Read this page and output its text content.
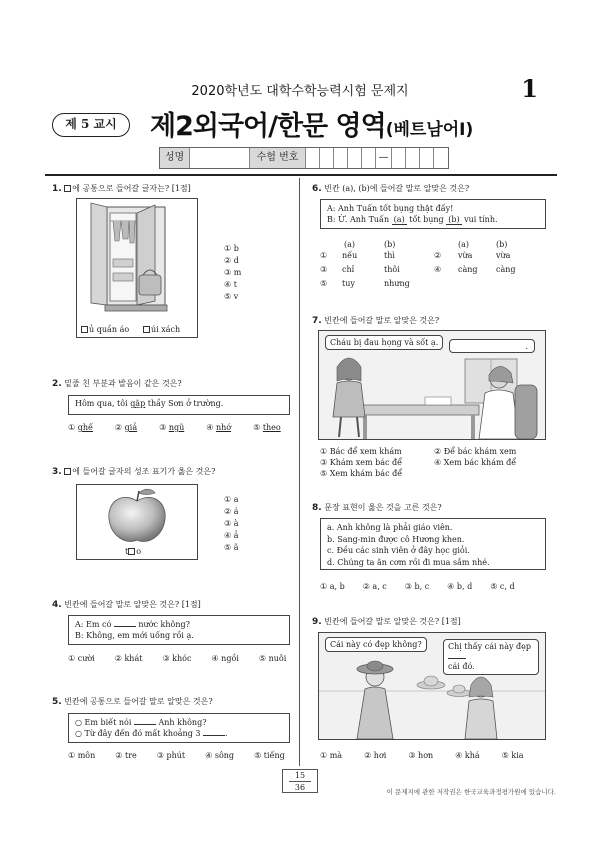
2020학년도 대학수학능력시험 문제지	1
제 5 교시	제2외국어/한문 영역(베트남어Ⅰ)
성명	수험 번호	—
1. 에 공통으로 들어갈 글자는? [1점]
ủ quần áo	úi xách
① b
② d
③ m
④ t
⑤ v
2. 밑줄 친 부분과 발음이 같은 것은?
Hôm qua, tôi gặp thầy Sơn ở trường.
① ghế	② giả	③ ngũ	④ nhớ	⑤ theo
3. 에 들어갈 글자의 성조 표기가 옳은 것은?
t o
① a
② á
③ à
④ ả
⑤ ã
4. 빈칸에 들어갈 말로 알맞은 것은? [1점]
A: Em có	nước không?
B: Không, em mới uống rồi ạ.
① cười	② khát	③ khóc	④ ngồi	⑤ nuôi
5. 빈칸에 공통으로 들어갈 말로 알맞은 것은?
○ Em biết nói	Anh không?
○ Từ đây đến đó mất khoảng 3	.
① môn	② tre	③ phút	④ sông	⑤ tiếng
6. 빈칸 (a), (b)에 들어갈 말로 알맞은 것은?
A: Anh Tuấn tốt bụng thật đấy!
B: Ừ. Anh Tuấn (a) tốt bụng (b) vui tính.
(a)	(b)	(a)	(b)
① nếu	thì	② vừa	vừa
③ chỉ	thôi	④ càng càng
⑤ tuy	nhưng
7. 빈칸에 들어갈 말로 알맞은 것은?
Cháu bị đau họng và sốt ạ.	.
① Bác để xem khám	② Để bác khám xem
③ Khám xem bác để	④ Xem bác khám để
⑤ Xem khám bác để
8. 문장 표현이 옳은 것을 고른 것은?
a. Anh không là phải giáo viên.
b. Sang-min được cô Hương khen.
c. Đều các sinh viên ở đây học giỏi.
d. Chúng ta ăn cơm rồi đi mua sắm nhé.
① a, b ② a, c ③ b, c ④ b, d ⑤ c, d
9. 빈칸에 들어갈 말로 알맞은 것은? [1점]
Cái này có đẹp không?	Chị thấy cái này đẹp
cái đó.
① mà	② hơi	③ hơn	④ khá	⑤ kia
15
36	이 문제지에 관한 저작권은 한국교육과정평가원에 있습니다.
